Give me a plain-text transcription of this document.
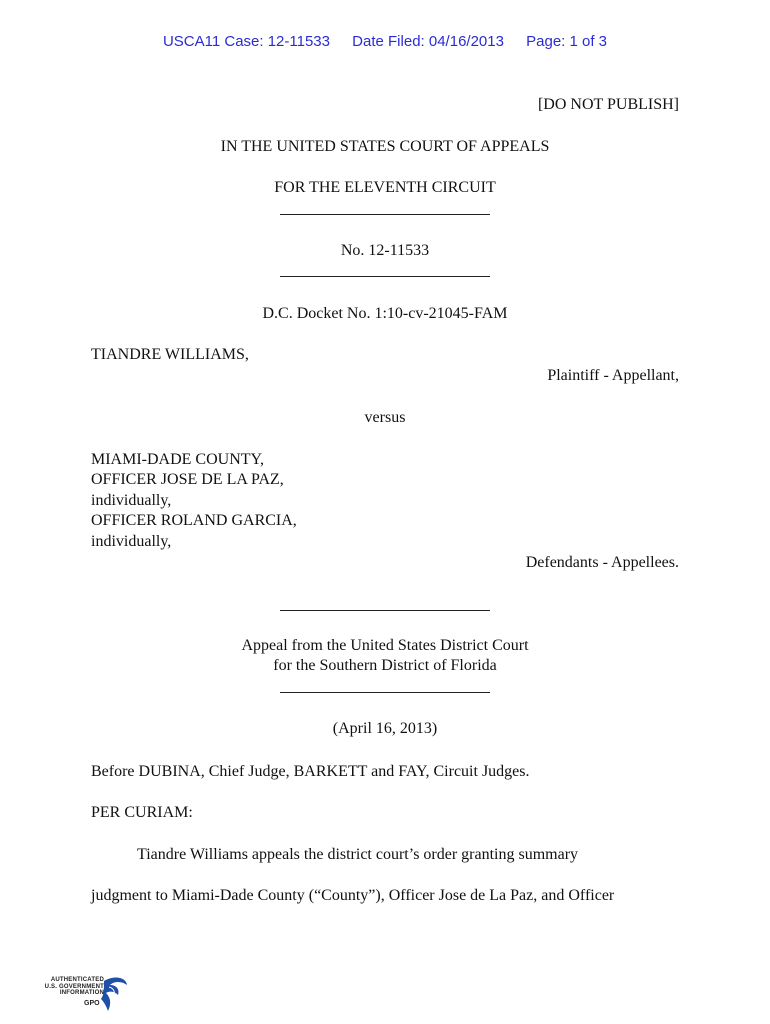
USCA11 Case: 12-11533 Date Filed: 04/16/2013 Page: 1 of 3
[DO NOT PUBLISH]
IN THE UNITED STATES COURT OF APPEALS
FOR THE ELEVENTH CIRCUIT
No. 12-11533
D.C. Docket No. 1:10-cv-21045-FAM
TIANDRE WILLIAMS,
Plaintiff - Appellant,
versus
MIAMI-DADE COUNTY,
OFFICER JOSE DE LA PAZ,
individually,
OFFICER ROLAND GARCIA,
individually,
Defendants - Appellees.
Appeal from the United States District Court
for the Southern District of Florida
(April 16, 2013)
Before DUBINA, Chief Judge, BARKETT and FAY, Circuit Judges.
PER CURIAM:
Tiandre Williams appeals the district court’s order granting summary
judgment to Miami-Dade County (“County”), Officer Jose de La Paz, and Officer
AUTHENTICATED
U.S. GOVERNMENT
INFORMATION
GPO
